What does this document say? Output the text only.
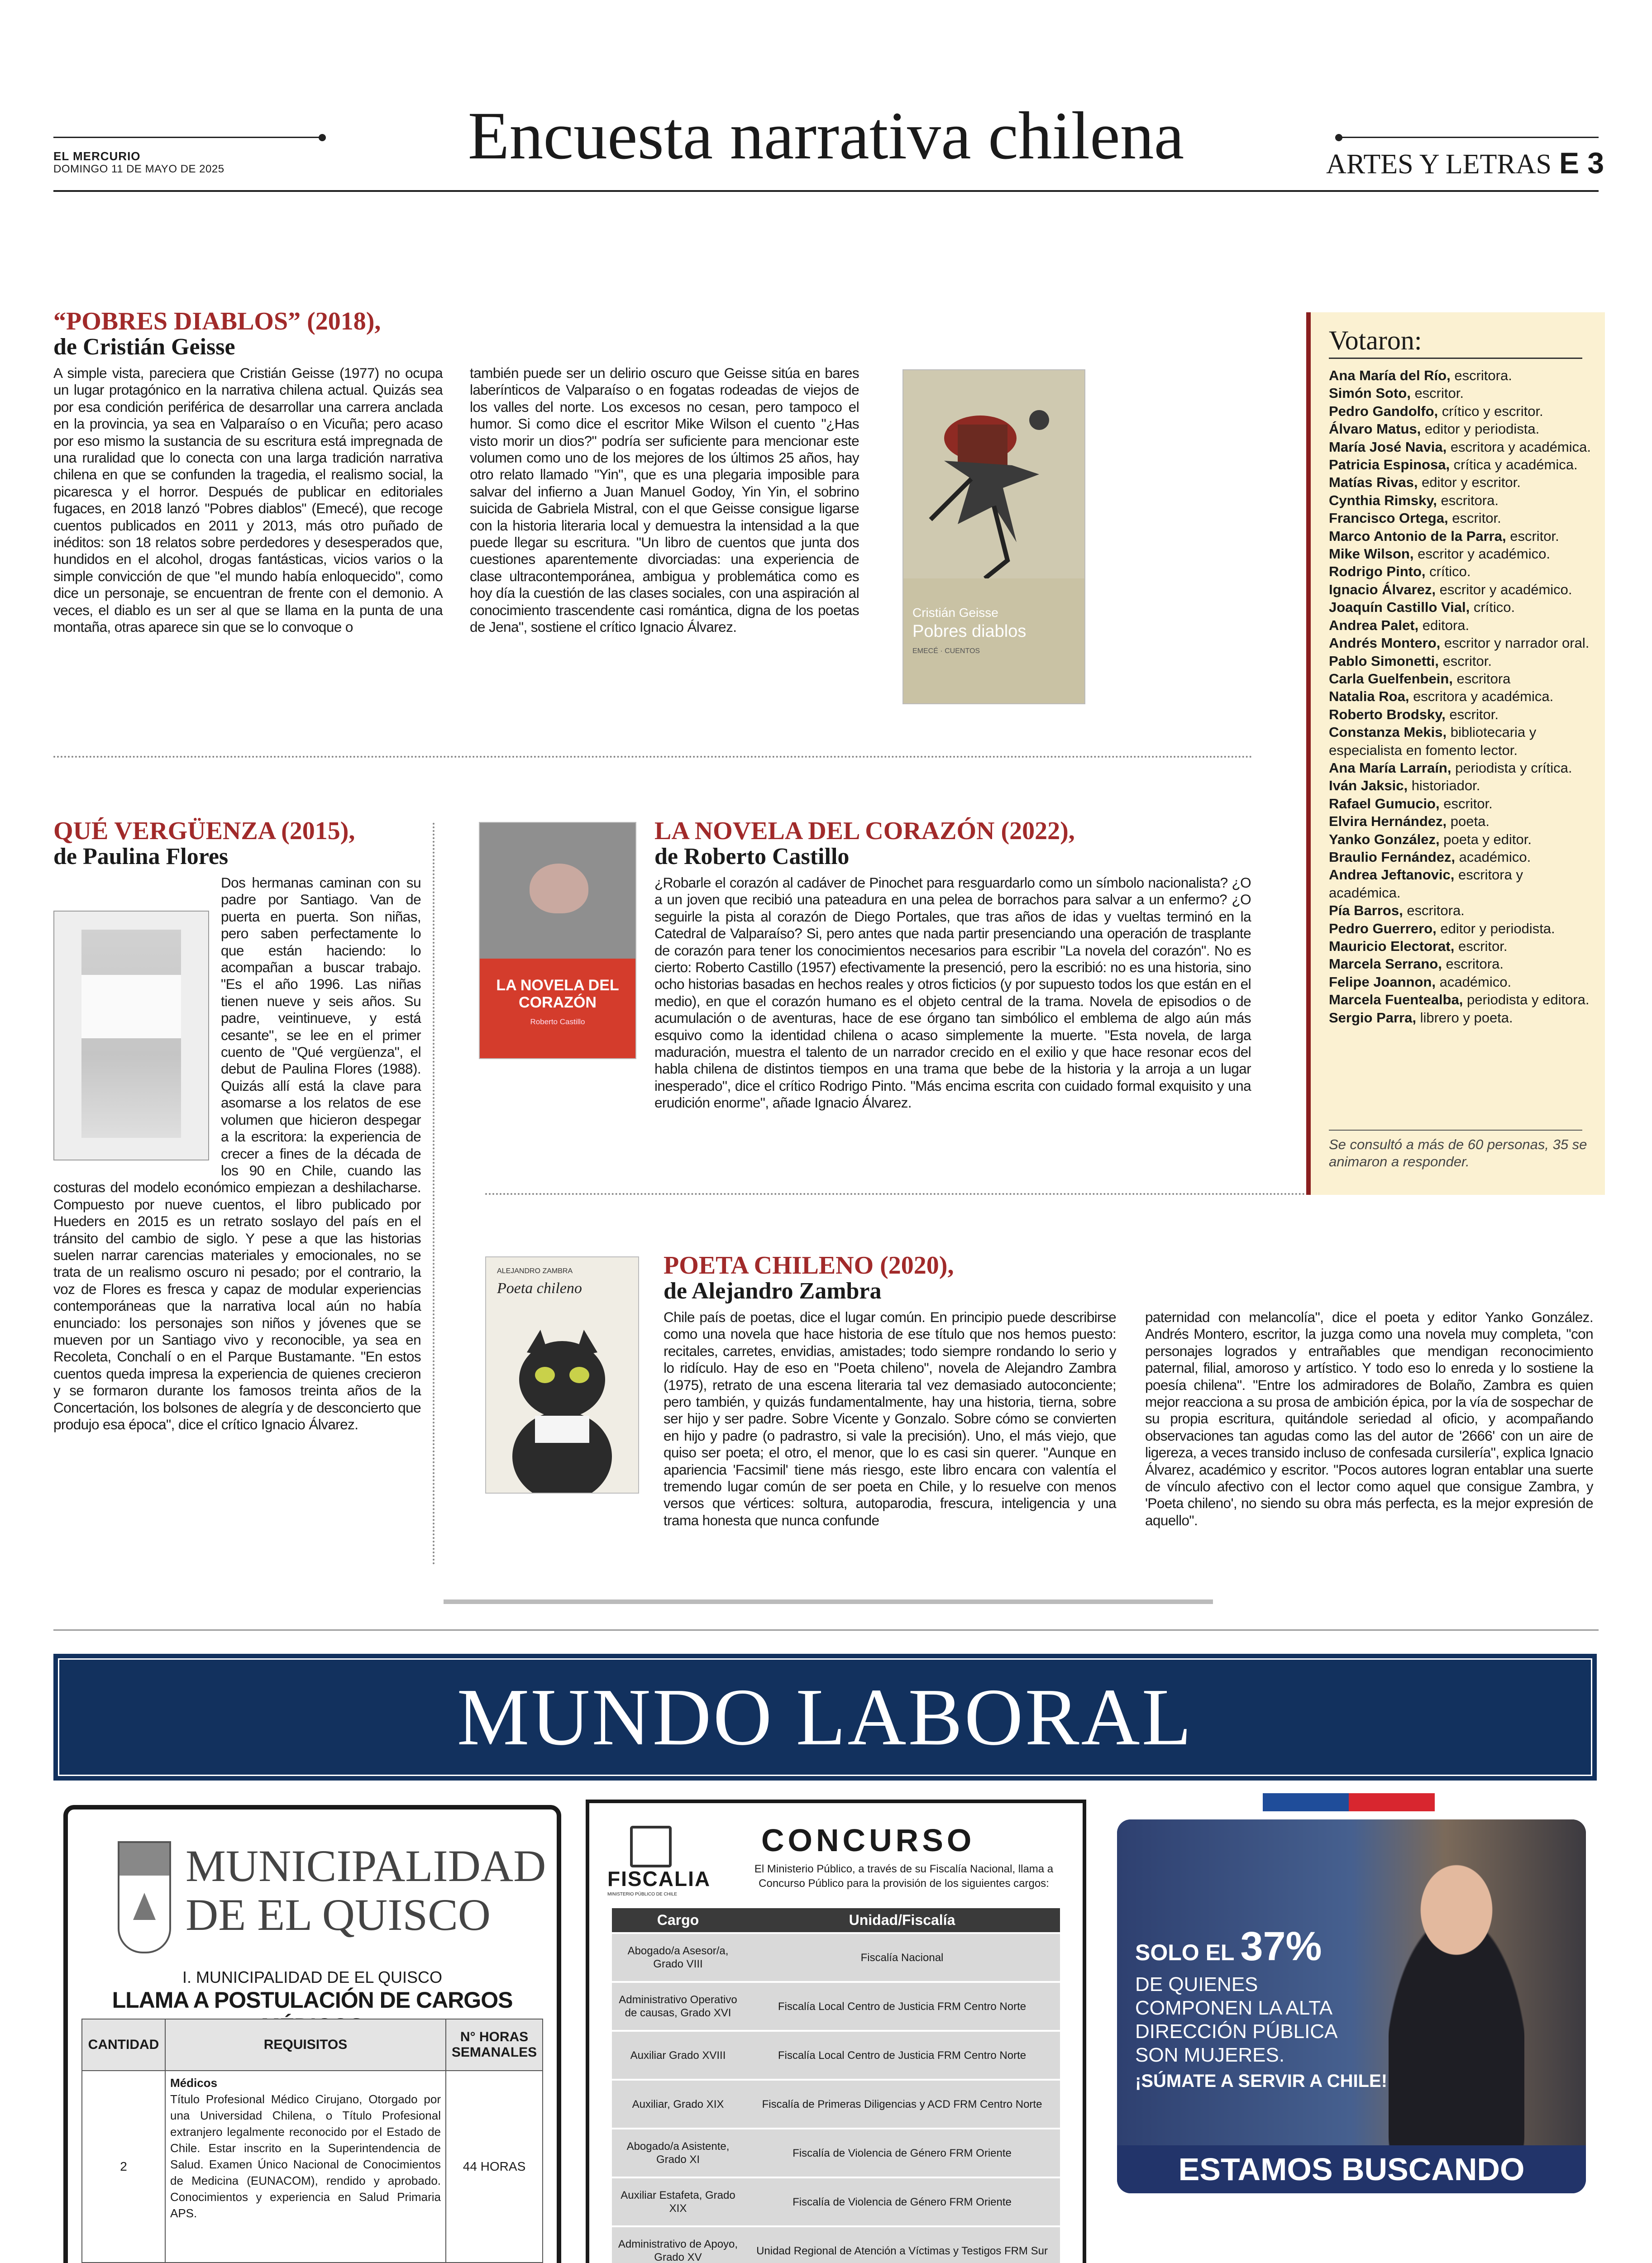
EL MERCURIO
DOMINGO 11 DE MAYO DE 2025	Encuesta narrativa chilena	ARTES Y LETRAS E 3
“POBRES DIABLOS” (2018),
de Cristián Geisse
A simple vista, pareciera que Cristián Geisse (1977) no ocupa un lugar protagónico en la narrativa chilena actual. Quizás sea por esa condición periférica de desarrollar una carrera anclada en la provincia, ya sea en Valparaíso o en Vicuña; pero acaso por eso mismo la sustancia de su escritura está impregnada de una ruralidad que lo conecta con una larga tradición narrativa chilena en que se confunden la tragedia, el realismo social, la picaresca y el horror. Después de publicar en editoriales fugaces, en 2018 lanzó "Pobres diablos" (Emecé), que recoge cuentos publicados en 2011 y 2013, más otro puñado de inéditos: son 18 relatos sobre perdedores y desesperados que, hundidos en el alcohol, drogas fantásticas, vicios varios o la simple convicción de que "el mundo había enloquecido", como dice un personaje, se encuentran de frente con el demonio. A veces, el diablo es un ser al que se llama en la punta de una montaña, otras aparece sin que se lo convoque o
también puede ser un delirio oscuro que Geisse sitúa en bares laberínticos de Valparaíso o en fogatas rodeadas de viejos de los valles del norte. Los excesos no cesan, pero tampoco el humor. Si como dice el escritor Mike Wilson el cuento "¿Has visto morir un dios?" podría ser suficiente para mencionar este volumen como uno de los mejores de los últimos 25 años, hay otro relato llamado "Yin", que es una plegaria imposible para salvar del infierno a Juan Manuel Godoy, Yin Yin, el sobrino suicida de Gabriela Mistral, con el que Geisse consigue ligarse con la historia literaria local y demuestra la intensidad a la que puede llegar su escritura. "Un libro de cuentos que junta dos cuestiones aparentemente divorciadas: una experiencia de clase ultracontemporánea, ambigua y problemática como es hoy día la cuestión de las clases sociales, con una aspiración al conocimiento trascendente casi romántica, digna de los poetas de Jena", sostiene el crítico Ignacio Álvarez.
Cristián Geisse
Pobres diablos
EMECÉ · CUENTOS
QUÉ VERGÜENZA (2015),
de Paulina Flores
Dos hermanas caminan con su padre por Santiago. Van de puerta en puerta. Son niñas, pero saben perfectamente lo que están haciendo: lo acompañan a buscar trabajo. "Es el año 1996. Las niñas tienen nueve y seis años. Su padre, veintinueve, y está cesante", se lee en el primer cuento de "Qué vergüenza", el debut de Paulina Flores (1988). Quizás allí está la clave para asomarse a los relatos de ese volumen que hicieron despegar a la escritora: la experiencia de crecer a fines de la década de los 90 en Chile, cuando las costuras del modelo económico empiezan a deshilacharse. Compuesto por nueve cuentos, el libro publicado por Hueders en 2015 es un retrato soslayo del país en el tránsito del cambio de siglo. Y pese a que las historias suelen narrar carencias materiales y emocionales, no se trata de un realismo oscuro ni pesado; por el contrario, la voz de Flores es fresca y capaz de modular experiencias contemporáneas que la narrativa local aún no había enunciado: los personajes son niños y jóvenes que se mueven por un Santiago vivo y reconocible, ya sea en Recoleta, Conchalí o en el Parque Bustamante. "En estos cuentos queda impresa la experiencia de quienes crecieron y se formaron durante los famosos treinta años de la Concertación, los bolsones de alegría y de desconcierto que produjo esa época", dice el crítico Ignacio Álvarez.
LA NOVELA DEL CORAZÓN
Roberto Castillo
LA NOVELA DEL CORAZÓN (2022),
de Roberto Castillo
¿Robarle el corazón al cadáver de Pinochet para resguardarlo como un símbolo nacionalista? ¿O a un joven que recibió una pateadura en una pelea de borrachos para salvar a un enfermo? ¿O seguirle la pista al corazón de Diego Portales, que tras años de idas y vueltas terminó en la Catedral de Valparaíso? Si, pero antes que nada partir presenciando una operación de trasplante de corazón para tener los conocimientos necesarios para escribir "La novela del corazón". No es cierto: Roberto Castillo (1957) efectivamente la presenció, pero la escribió: no es una historia, sino ocho historias basadas en hechos reales y otros ficticios (y por supuesto todos los que están en el medio), en que el corazón humano es el objeto central de la trama. Novela de episodios o de acumulación o de aventuras, hace de ese órgano tan simbólico el emblema de algo aún más esquivo como la identidad chilena o acaso simplemente la muerte. "Esta novela, de larga maduración, muestra el talento de un narrador crecido en el exilio y que hace resonar ecos del habla chilena de distintos tiempos en una trama que bebe de la historia y la arroja a un lugar inesperado", dice el crítico Rodrigo Pinto. "Más encima escrita con cuidado formal exquisito y una erudición enorme", añade Ignacio Álvarez.
ALEJANDRO ZAMBRA
Poeta chileno
POETA CHILENO (2020),
de Alejandro Zambra
Chile país de poetas, dice el lugar común. En principio puede describirse como una novela que hace historia de ese título que nos hemos puesto: recitales, carretes, envidias, amistades; todo siempre rondando lo serio y lo ridículo. Hay de eso en "Poeta chileno", novela de Alejandro Zambra (1975), retrato de una escena literaria tal vez demasiado autoconciente; pero también, y quizás fundamentalmente, hay una historia, tierna, sobre ser hijo y ser padre. Sobre Vicente y Gonzalo. Sobre cómo se convierten en hijo y padre (o padrastro, si vale la precisión). Uno, el más viejo, que quiso ser poeta; el otro, el menor, que lo es casi sin querer. "Aunque en apariencia 'Facsimil' tiene más riesgo, este libro encara con valentía el tremendo lugar común de ser poeta en Chile, y lo resuelve con menos versos que vértices: soltura, autoparodia, frescura, inteligencia y una trama honesta que nunca confunde
paternidad con melancolía", dice el poeta y editor Yanko González. Andrés Montero, escritor, la juzga como una novela muy completa, "con personajes logrados y entrañables que mendigan reconocimiento paternal, filial, amoroso y artístico. Y todo eso lo enreda y lo sostiene la poesía chilena". "Entre los admiradores de Bolaño, Zambra es quien mejor reacciona a su prosa de ambición épica, por la vía de sospechar de su propia escritura, quitándole seriedad al oficio, y acompañando observaciones tan agudas como las del autor de '2666' con un aire de ligereza, a veces transido incluso de confesada cursilería", explica Ignacio Álvarez, académico y escritor. "Pocos autores logran entablar una suerte de vínculo afectivo con el lector como aquel que consigue Zambra, y 'Poeta chileno', no siendo su obra más perfecta, es la mejor expresión de aquello".
Votaron:
Ana María del Río, escritora.
Simón Soto, escritor.
Pedro Gandolfo, crítico y escritor.
Álvaro Matus, editor y periodista.
María José Navia, escritora y académica.
Patricia Espinosa, crítica y académica.
Matías Rivas, editor y escritor.
Cynthia Rimsky, escritora.
Francisco Ortega, escritor.
Marco Antonio de la Parra, escritor.
Mike Wilson, escritor y académico.
Rodrigo Pinto, crítico.
Ignacio Álvarez, escritor y académico.
Joaquín Castillo Vial, crítico.
Andrea Palet, editora.
Andrés Montero, escritor y narrador oral.
Pablo Simonetti, escritor.
Carla Guelfenbein, escritora
Natalia Roa, escritora y académica.
Roberto Brodsky, escritor.
Constanza Mekis, bibliotecaria y especialista en fomento lector.
Ana María Larraín, periodista y crítica.
Iván Jaksic, historiador.
Rafael Gumucio, escritor.
Elvira Hernández, poeta.
Yanko González, poeta y editor.
Braulio Fernández, académico.
Andrea Jeftanovic, escritora y académica.
Pía Barros, escritora.
Pedro Guerrero, editor y periodista.
Mauricio Electorat, escritor.
Marcela Serrano, escritora.
Felipe Joannon, académico.
Marcela Fuentealba, periodista y editora.
Sergio Parra, librero y poeta.
Se consultó a más de 60 personas, 35 se animaron a responder.
MUNDO LABORAL
MUNICIPALIDAD
DE EL QUISCO
I. MUNICIPALIDAD DE EL QUISCO
LLAMA A POSTULACIÓN DE CARGOS
CANTIDAD	REQUISITOS	N° HORAS SEMANALES
2	Médicos
Título Profesional Médico Cirujano, Otorgado por una Universidad Chilena, o Título Profesional extranjero legalmente reconocido por el Estado de Chile. Estar inscrito en la Superintendencia de Salud. Examen Único Nacional de Conocimientos de Medicina (EUNACOM), rendido y aprobado. Conocimientos y experiencia en Salud Primaria APS.	44 HORAS
FISCALIA
MINISTERIO PÚBLICO DE CHILE
CONCURSO
El Ministerio Público, a través de su Fiscalía Nacional, llama a Concurso Público para la provisión de los siguientes cargos:
Cargo	Unidad/Fiscalía
Abogado/a Asesor/a, Grado VIII	Fiscalía Nacional
Administrativo Operativo de causas, Grado XVI	Fiscalía Local Centro de Justicia FRM Centro Norte
Auxiliar Grado XVIII	Fiscalía Local Centro de Justicia FRM Centro Norte
Auxiliar, Grado XIX	Fiscalía de Primeras Diligencias y ACD FRM Centro Norte
Abogado/a Asistente, Grado XI	Fiscalía de Violencia de Género FRM Oriente
Auxiliar Estafeta, Grado XIX	Fiscalía de Violencia de Género FRM Oriente
Administrativo de Apoyo, Grado XV	Unidad Regional de Atención a Víctimas y Testigos FRM Sur

SOLO EL 37%
DE QUIENES
COMPONEN LA ALTA
DIRECCIÓN PÚBLICA
SON MUJERES.
¡SÚMATE A SERVIR A CHILE!
ESTAMOS BUSCANDO
